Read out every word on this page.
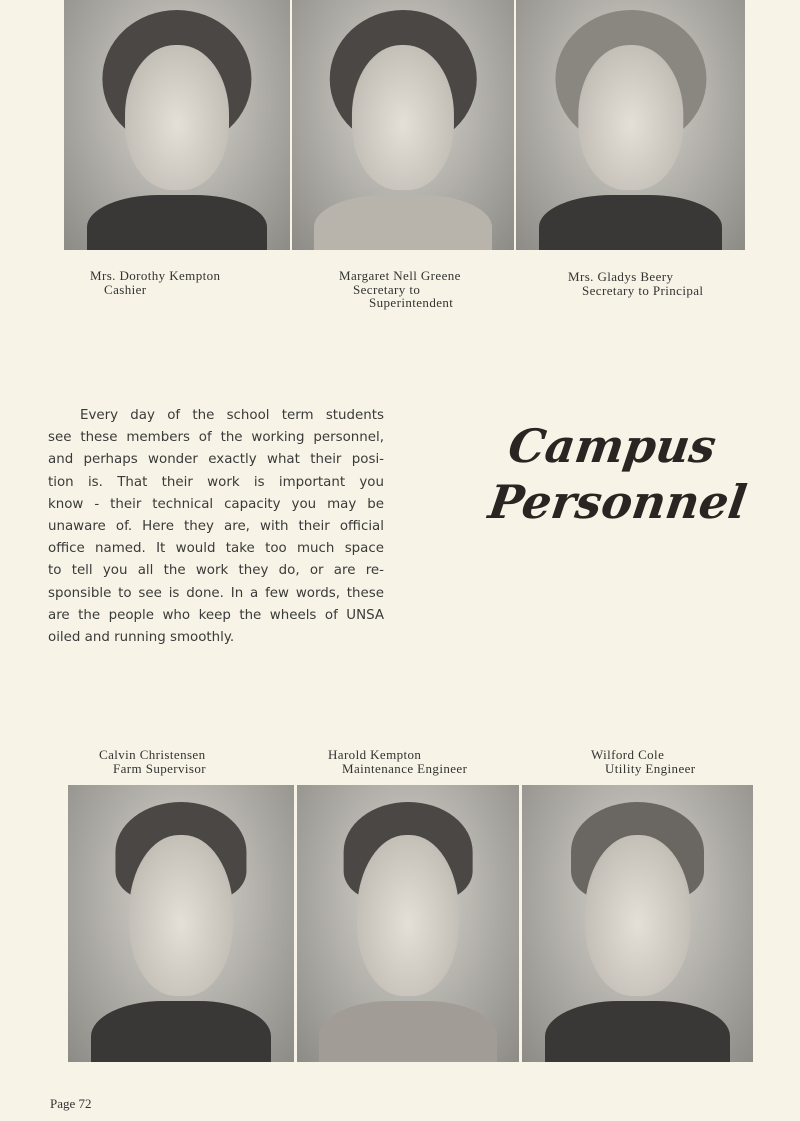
Mrs. Dorothy Kempton
Cashier
Margaret Nell Greene
Secretary to
Superintendent
Mrs. Gladys Beery
Secretary to Principal
Every day of the school term students
see these members of the working personnel,
and perhaps wonder exactly what their posi-
tion is. That their work is important you
know - their technical capacity you may be
unaware of. Here they are, with their official
office named. It would take too much space
to tell you all the work they do, or are re-
sponsible to see is done. In a few words, these
are the people who keep the wheels of UNSA
oiled and running smoothly.
Campus
Personnel
Calvin Christensen
Farm Supervisor
Harold Kempton
Maintenance Engineer
Wilford Cole
Utility Engineer
Page 72
